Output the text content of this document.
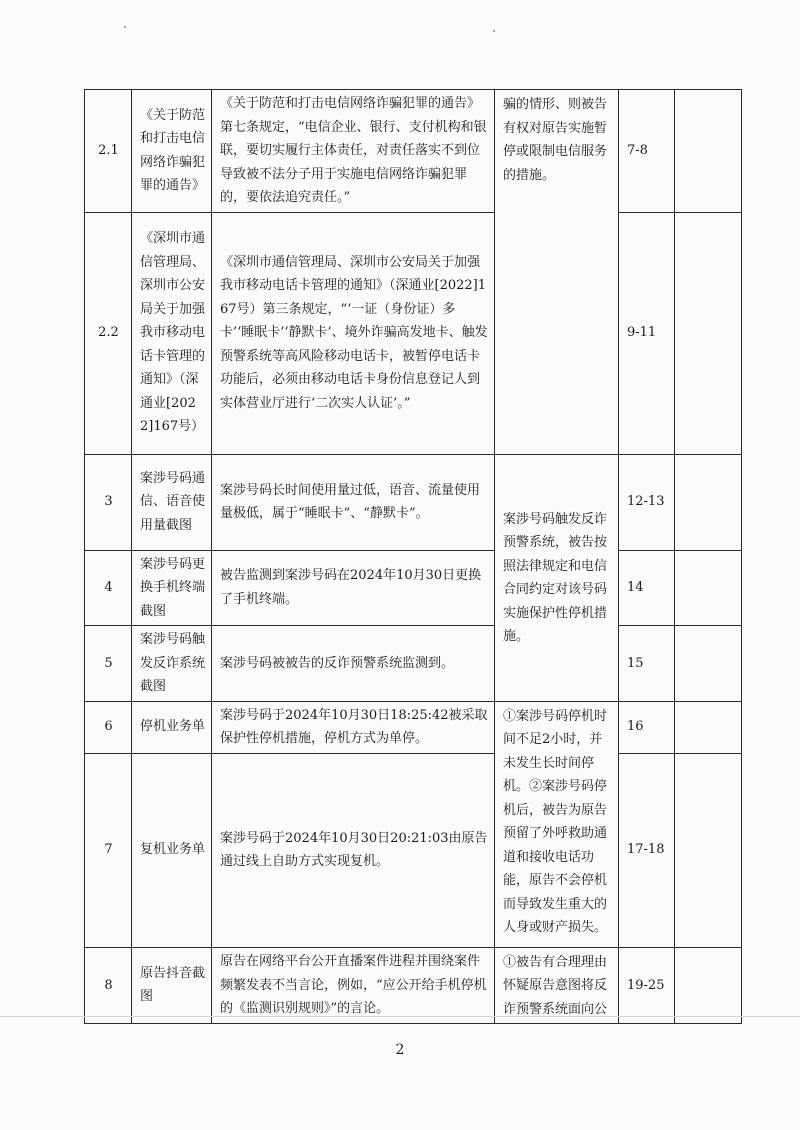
2.1	《关于防范和打击电信网络诈骗犯罪的通告》	《关于防范和打击电信网络诈骗犯罪的通告》第七条规定，“电信企业、银行、支付机构和银联，要切实履行主体责任，对责任落实不到位导致被不法分子用于实施电信网络诈骗犯罪的，要依法追究责任。”	骗的情形、则被告有权对原告实施暂停或限制电信服务的措施。	7-8	
2.2	《深圳市通信管理局、深圳市公安局关于加强我市移动电话卡管理的通知》（深通业[2022]167号）	《深圳市通信管理局、深圳市公安局关于加强我市移动电话卡管理的通知》（深通业[2022]167号）第三条规定，“‘一证（身份证）多卡’‘睡眠卡’‘静默卡’、境外诈骗高发地卡、触发预警系统等高风险移动电话卡，被暂停电话卡功能后，必须由移动电话卡身份信息登记人到实体营业厅进行‘二次实人认证’。”		9-11	
3	案涉号码通信、语音使用量截图	案涉号码长时间使用量过低，语音、流量使用量极低，属于“睡眠卡”、“静默卡”。	案涉号码触发反诈预警系统，被告按照法律规定和电信合同约定对该号码实施保护性停机措施。	12-13	
4	案涉号码更换手机终端截图	被告监测到案涉号码在2024年10月30日更换了手机终端。		14	
5	案涉号码触发反诈系统截图	案涉号码被被告的反诈预警系统监测到。		15	
6	停机业务单	案涉号码于2024年10月30日18:25:42被采取保护性停机措施，停机方式为单停。	①案涉号码停机时间不足2小时，并未发生长时间停机。②案涉号码停机后，被告为原告预留了外呼救助通道和接收电话功能，原告不会停机而导致发生重大的人身或财产损失。	16	
7	复机业务单	案涉号码于2024年10月30日20:21:03由原告通过线上自助方式实现复机。		17-18	
8	原告抖音截图	原告在网络平台公开直播案件进程并围绕案件频繁发表不当言论，例如，“应公开给手机停机的《监测识别规则》”的言论。	①被告有合理理由怀疑原告意图将反诈预警系统面向公	19-25	
2
